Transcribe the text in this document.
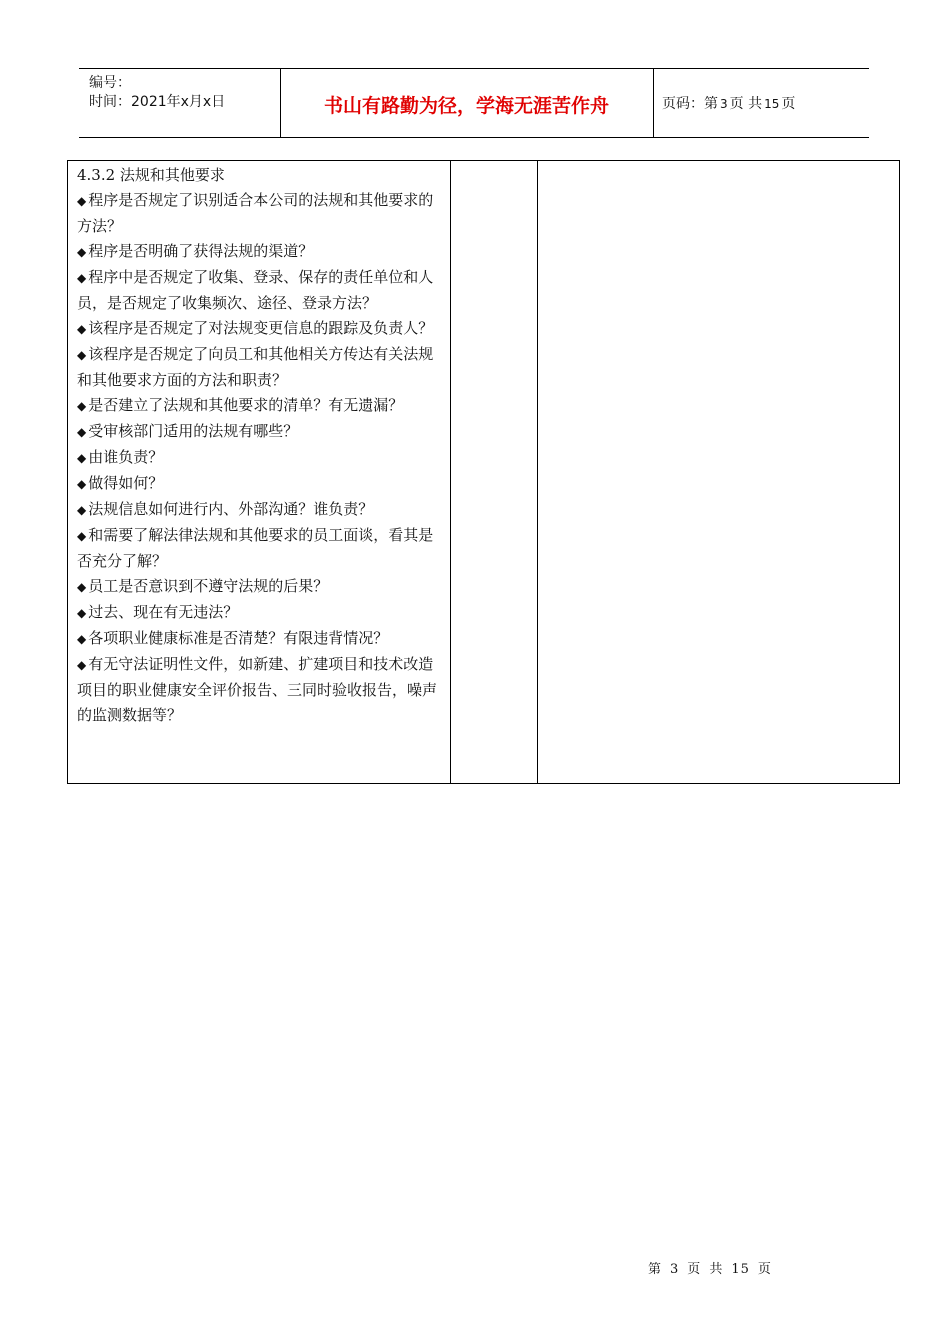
编号：
时间：2021年x月x日	书山有路勤为径，学海无涯苦作舟	页码：第 3 页 共 15 页

4.3.2 法规和其他要求

◆ 程序是否规定了识别适合本公司的法规和其他要求的方法？

◆ 程序是否明确了获得法规的渠道？

◆ 程序中是否规定了收集、登录、保存的责任单位和人员，是否规定了收集频次、途径、登录方法？

◆ 该程序是否规定了对法规变更信息的跟踪及负责人？

◆ 该程序是否规定了向员工和其他相关方传达有关法规和其他要求方面的方法和职责？

◆ 是否建立了法规和其他要求的清单？有无遗漏？

◆ 受审核部门适用的法规有哪些？

◆ 由谁负责？

◆ 做得如何？

◆ 法规信息如何进行内、外部沟通？谁负责？

◆ 和需要了解法律法规和其他要求的员工面谈，看其是否充分了解？

◆ 员工是否意识到不遵守法规的后果？

◆ 过去、现在有无违法？

◆ 各项职业健康标准是否清楚？有限违背情况？

◆ 有无守法证明性文件，如新建、扩建项目和技术改造项目的职业健康安全评价报告、三同时验收报告，噪声的监测数据等？

第 3 页 共 15 页
